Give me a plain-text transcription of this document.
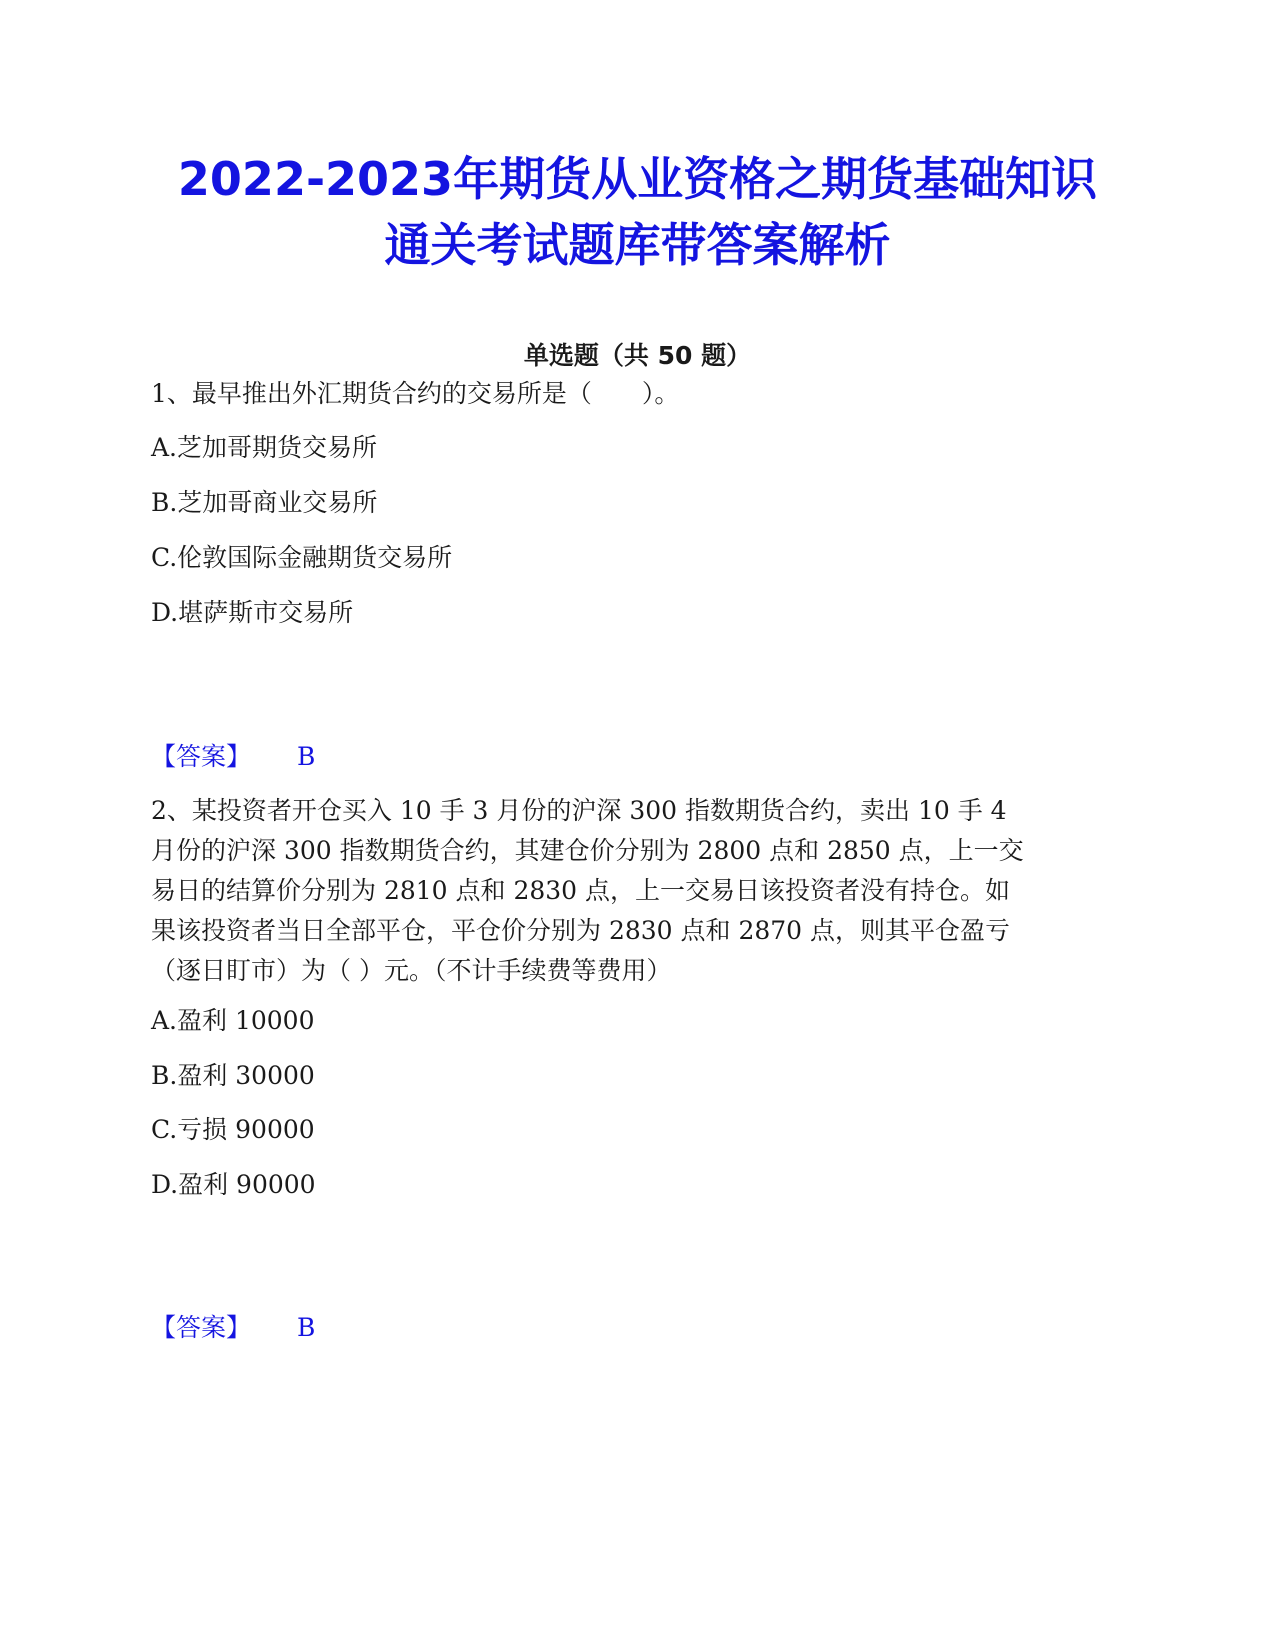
2022-2023年期货从业资格之期货基础知识
通关考试题库带答案解析
单选题（共 50 题）
1、最早推出外汇期货合约的交易所是（　　）。
A.芝加哥期货交易所
B.芝加哥商业交易所
C.伦敦国际金融期货交易所
D.堪萨斯市交易所
【答案】 B
2、某投资者开仓买入 10 手 3 月份的沪深 300 指数期货合约，卖出 10 手 4
月份的沪深 300 指数期货合约，其建仓价分别为 2800 点和 2850 点，上一交
易日的结算价分别为 2810 点和 2830 点，上一交易日该投资者没有持仓。如
果该投资者当日全部平仓，平仓价分别为 2830 点和 2870 点，则其平仓盈亏
（逐日盯市）为（ ）元。（不计手续费等费用）
A.盈利 10000
B.盈利 30000
C.亏损 90000
D.盈利 90000
【答案】 B
